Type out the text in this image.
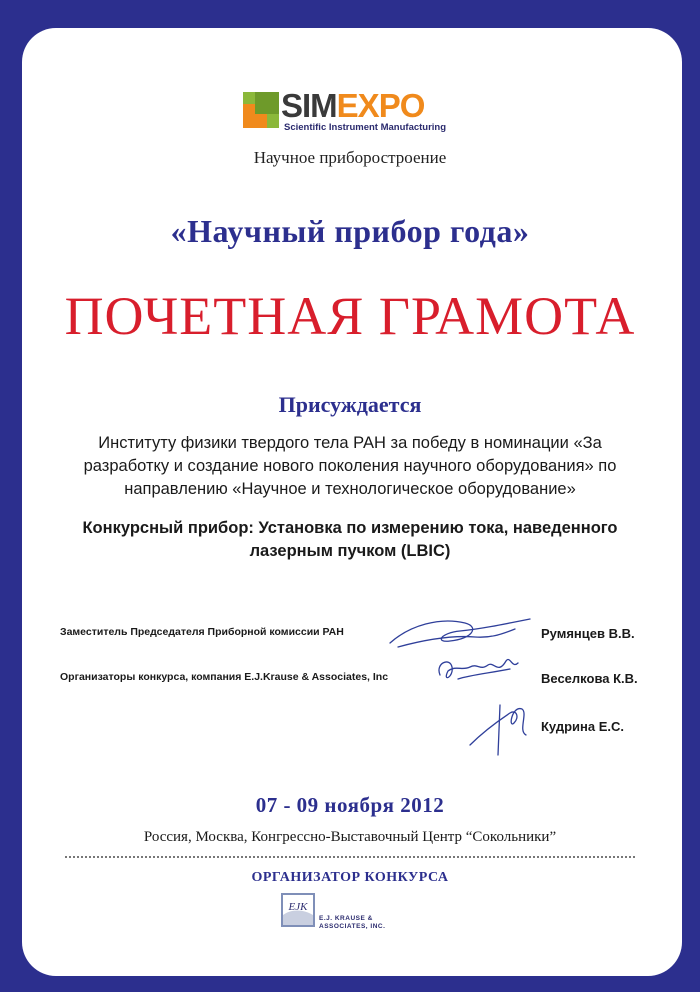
SIMEXPO
Scientific Instrument Manufacturing
Научное приборостроение
«Научный прибор года»
ПОЧЕТНАЯ ГРАМОТА
Присуждается
Институту физики твердого тела РАН за победу в номинации «За
разработку и создание нового поколения научного оборудования» по
направлению «Научное и технологическое оборудование»
Конкурсный прибор: Установка по измерению тока, наведенного
лазерным пучком (LBIC)
Заместитель Председателя Приборной комиссии РАН	Румянцев В.В.
Организаторы конкурса, компания E.J.Krause & Associates, Inc	Веселкова К.В.
Кудрина Е.С.
07 - 09 ноября 2012
Россия, Москва, Конгрессно-Выставочный Центр “Сокольники”
ОРГАНИЗАТОР КОНКУРСА
EJK
E.J. KRAUSE &
ASSOCIATES, INC.
